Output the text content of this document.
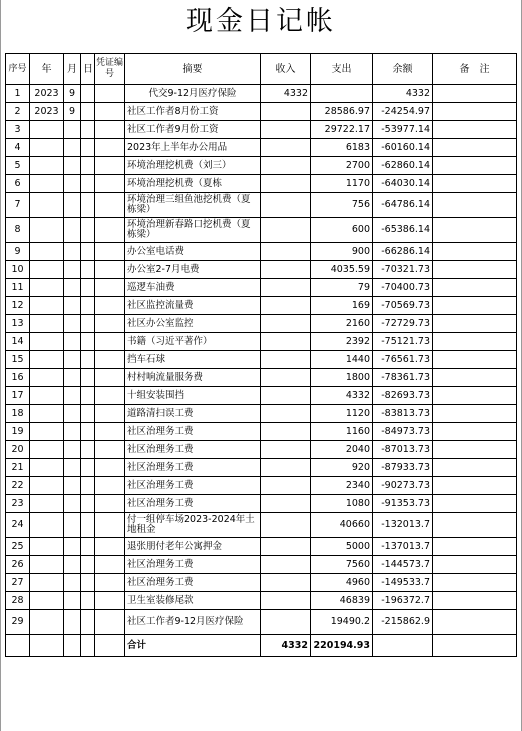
现金日记帐
序号	年	月	日	凭证编号	摘要	收入	支出	余额	备　注
1	2023	9			代交9-12月医疗保险	4332		4332	
2	2023	9			社区工作者8月份工资		28586.97	-24254.97	
3					社区工作者9月份工资		29722.17	-53977.14	
4					2023年上半年办公用品		6183	-60160.14	
5					环境治理挖机费（刘三）		2700	-62860.14	
6					环境治理挖机费（夏栋		1170	-64030.14	
7					环境治理三组鱼池挖机费（夏栋梁）		756	-64786.14	
8					环境治理新春路口挖机费（夏栋梁）		600	-65386.14	
9					办公室电话费		900	-66286.14	
10					办公室2-7月电费		4035.59	-70321.73	
11					巡逻车油费		79	-70400.73	
12					社区监控流量费		169	-70569.73	
13					社区办公室监控		2160	-72729.73	
14					书籍（习近平著作）		2392	-75121.73	
15					挡车石球		1440	-76561.73	
16					村村响流量服务费		1800	-78361.73	
17					十组安装围挡		4332	-82693.73	
18					道路清扫误工费		1120	-83813.73	
19					社区治理务工费		1160	-84973.73	
20					社区治理务工费		2040	-87013.73	
21					社区治理务工费		920	-87933.73	
22					社区治理务工费		2340	-90273.73	
23					社区治理务工费		1080	-91353.73	
24					付一组停车场2023-2024年土地租金		40660	-132013.7	
25					退张朋付老年公寓押金		5000	-137013.7	
26					社区治理务工费		7560	-144573.7	
27					社区治理务工费		4960	-149533.7	
28					卫生室装修尾款		46839	-196372.7	
29					社区工作者9-12月医疗保险		19490.2	-215862.9	
					合计	4332	220194.93		
